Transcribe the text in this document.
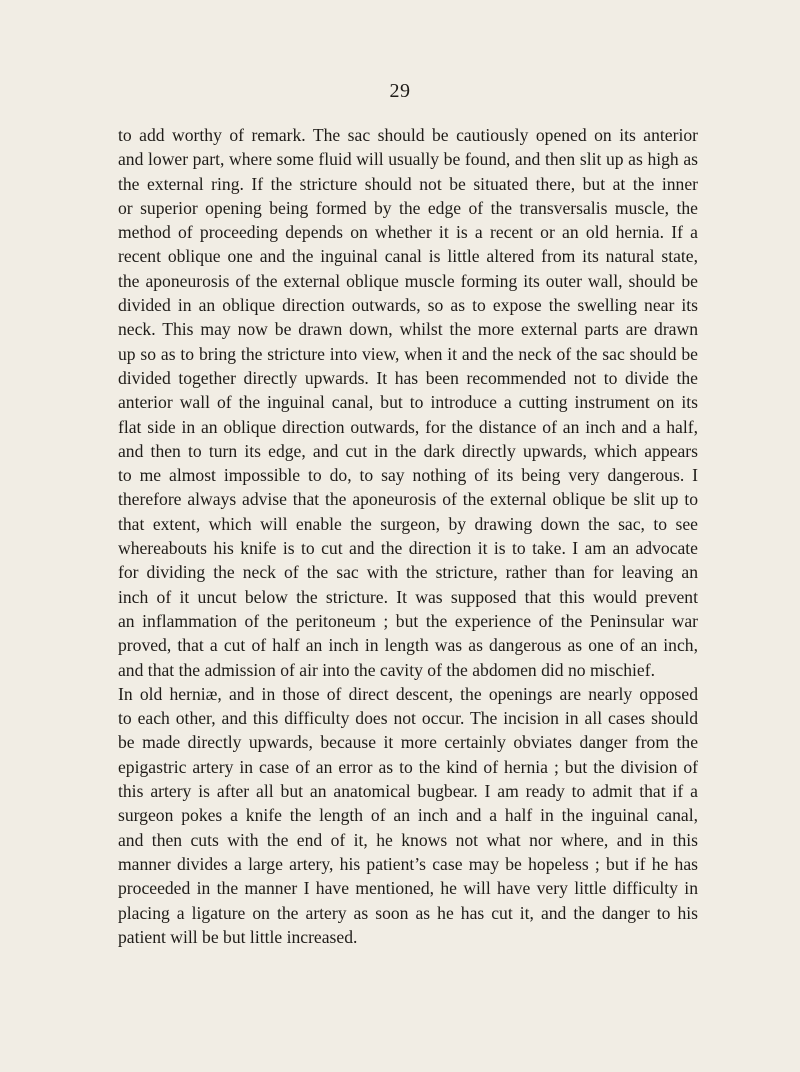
29
to add worthy of remark. The sac should be cautiously opened on its anterior
and lower part, where some fluid will usually be found, and then slit up as high as
the external ring. If the stricture should not be situated there, but at the inner
or superior opening being formed by the edge of the transversalis muscle, the
method of proceeding depends on whether it is a recent or an old hernia. If a
recent oblique one and the inguinal canal is little altered from its natural state,
the aponeurosis of the external oblique muscle forming its outer wall, should be
divided in an oblique direction outwards, so as to expose the swelling near its
neck. This may now be drawn down, whilst the more external parts are drawn
up so as to bring the stricture into view, when it and the neck of the sac should be
divided together directly upwards. It has been recommended not to divide the
anterior wall of the inguinal canal, but to introduce a cutting instrument on its
flat side in an oblique direction outwards, for the distance of an inch and a half,
and then to turn its edge, and cut in the dark directly upwards, which appears
to me almost impossible to do, to say nothing of its being very dangerous. I
therefore always advise that the aponeurosis of the external oblique be slit up to
that extent, which will enable the surgeon, by drawing down the sac, to see
whereabouts his knife is to cut and the direction it is to take. I am an advocate
for dividing the neck of the sac with the stricture, rather than for leaving an
inch of it uncut below the stricture. It was supposed that this would prevent
an inflammation of the peritoneum ; but the experience of the Peninsular war
proved, that a cut of half an inch in length was as dangerous as one of an inch,
and that the admission of air into the cavity of the abdomen did no mischief.
In old herniæ, and in those of direct descent, the openings are nearly opposed
to each other, and this difficulty does not occur. The incision in all cases should
be made directly upwards, because it more certainly obviates danger from the
epigastric artery in case of an error as to the kind of hernia ; but the division of
this artery is after all but an anatomical bugbear. I am ready to admit that if a
surgeon pokes a knife the length of an inch and a half in the inguinal canal,
and then cuts with the end of it, he knows not what nor where, and in this
manner divides a large artery, his patient’s case may be hopeless ; but if he has
proceeded in the manner I have mentioned, he will have very little difficulty in
placing a ligature on the artery as soon as he has cut it, and the danger to his
patient will be but little increased.
